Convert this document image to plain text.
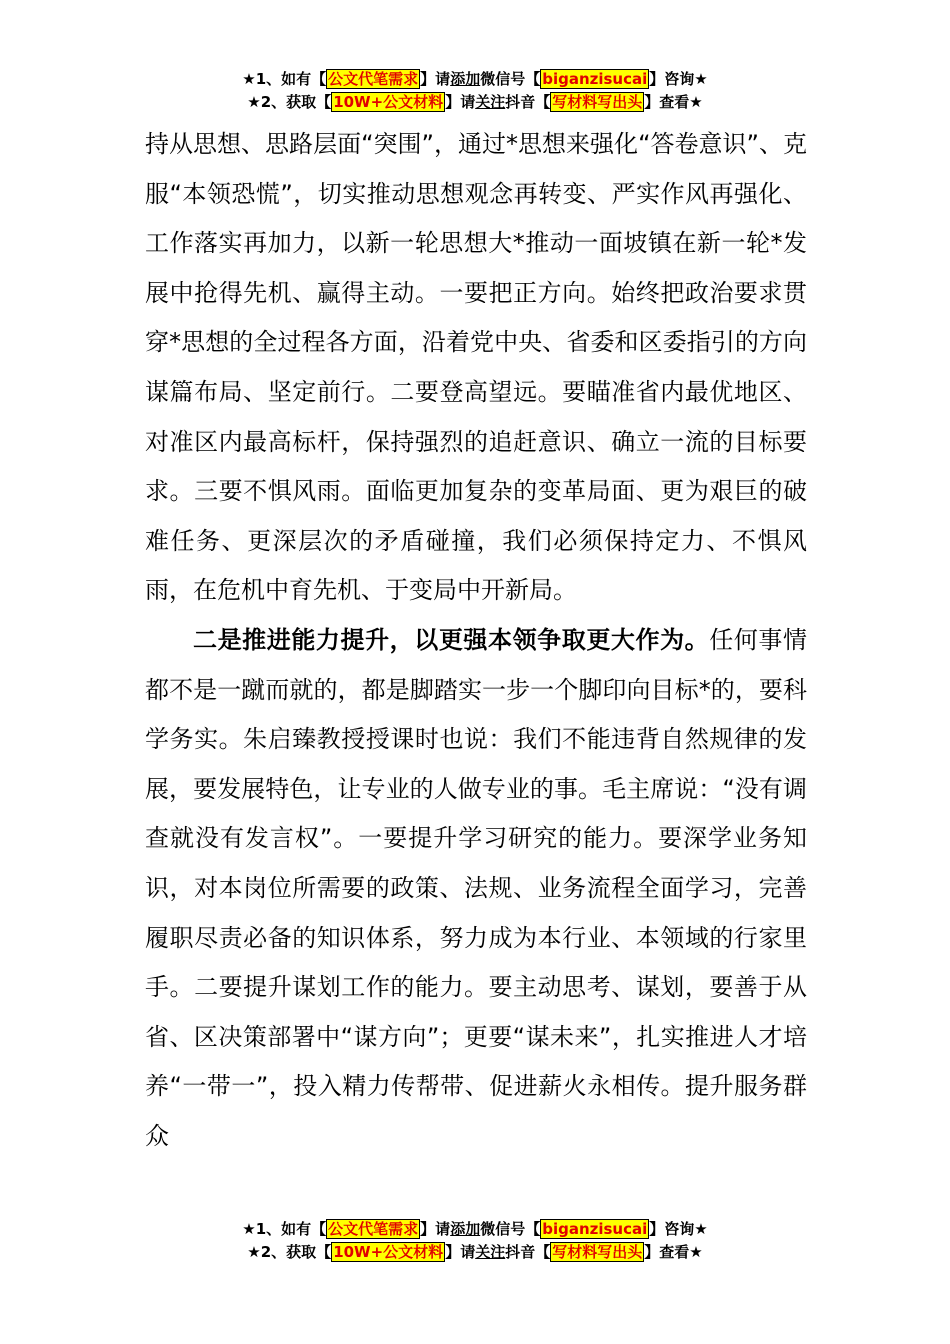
★1、如有【 公文代笔需求 】请添加微信号【 biganzisucai 】咨询★
★2、获取【 10W+公文材料 】请关注抖音【 写材料写出头 】查看★

持从思想、思路层面“突围”，通过*思想来强化“答卷意识”、克服“本领恐慌”，切实推动思想观念再转变、严实作风再强化、工作落实再加力，以新一轮思想大*推动一面坡镇在新一轮*发展中抢得先机、赢得主动。一要把正方向。始终把政治要求贯穿*思想的全过程各方面，沿着党中央、省委和区委指引的方向谋篇布局、坚定前行。二要登高望远。要瞄准省内最优地区、对准区内最高标杆，保持强烈的追赶意识、确立一流的目标要求。三要不惧风雨。面临更加复杂的变革局面、更为艰巨的破难任务、更深层次的矛盾碰撞，我们必须保持定力、不惧风雨，在危机中育先机、于变局中开新局。

二是推进能力提升，以更强本领争取更大作为。任何事情都不是一蹴而就的，都是脚踏实一步一个脚印向目标*的，要科学务实。朱启臻教授授课时也说：我们不能违背自然规律的发展，要发展特色，让专业的人做专业的事。毛主席说：“没有调查就没有发言权”。一要提升学习研究的能力。要深学业务知识，对本岗位所需要的政策、法规、业务流程全面学习，完善履职尽责必备的知识体系，努力成为本行业、本领域的行家里手。二要提升谋划工作的能力。要主动思考、谋划，要善于从省、区决策部署中“谋方向”；更要“谋未来”，扎实推进人才培养“一带一”，投入精力传帮带、促进薪火永相传。提升服务群众

★1、如有【 公文代笔需求 】请添加微信号【 biganzisucai 】咨询★
★2、获取【 10W+公文材料 】请关注抖音【 写材料写出头 】查看★
